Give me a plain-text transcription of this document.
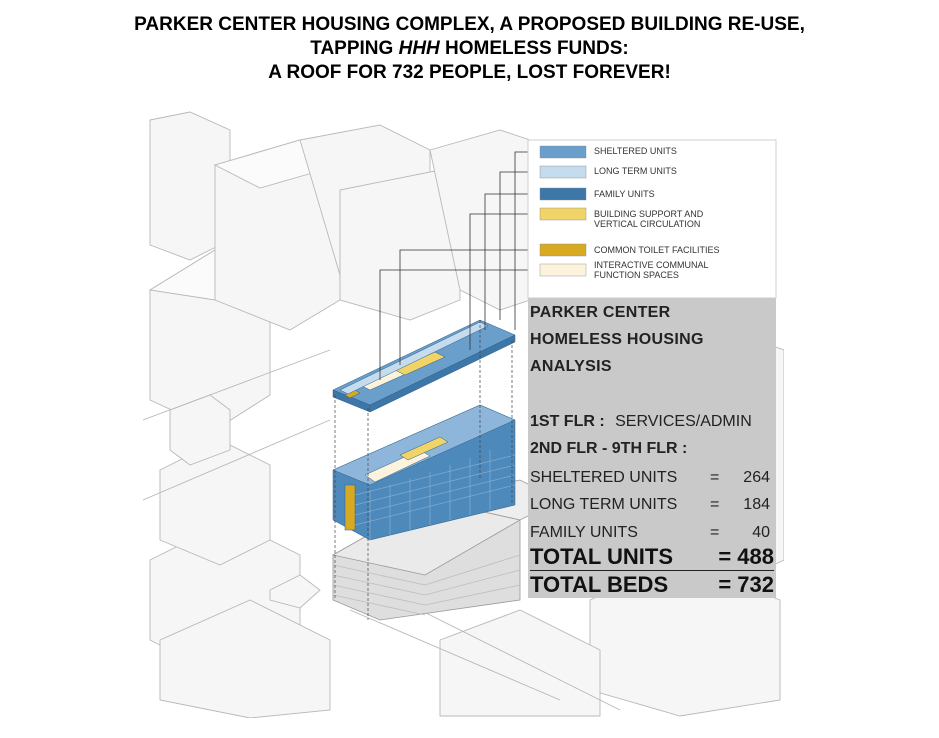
PARKER CENTER HOUSING COMPLEX, A PROPOSED BUILDING RE-USE,
TAPPING HHH HOMELESS FUNDS:
A ROOF FOR 732 PEOPLE, LOST FOREVER!
SHELTERED UNITS
LONG TERM UNITS
FAMILY UNITS
BUILDING SUPPORT AND
VERTICAL CIRCULATION
COMMON TOILET FACILITIES
INTERACTIVE COMMUNAL
FUNCTION SPACES
PARKER CENTER
HOMELESS HOUSING
ANALYSIS
1ST FLR : SERVICES/ADMIN
2ND FLR - 9TH FLR :
SHELTERED UNITS =	264
LONG TERM UNITS =	184
FAMILY UNITS	=	40
TOTAL UNITS = 488
TOTAL BEDS = 732
